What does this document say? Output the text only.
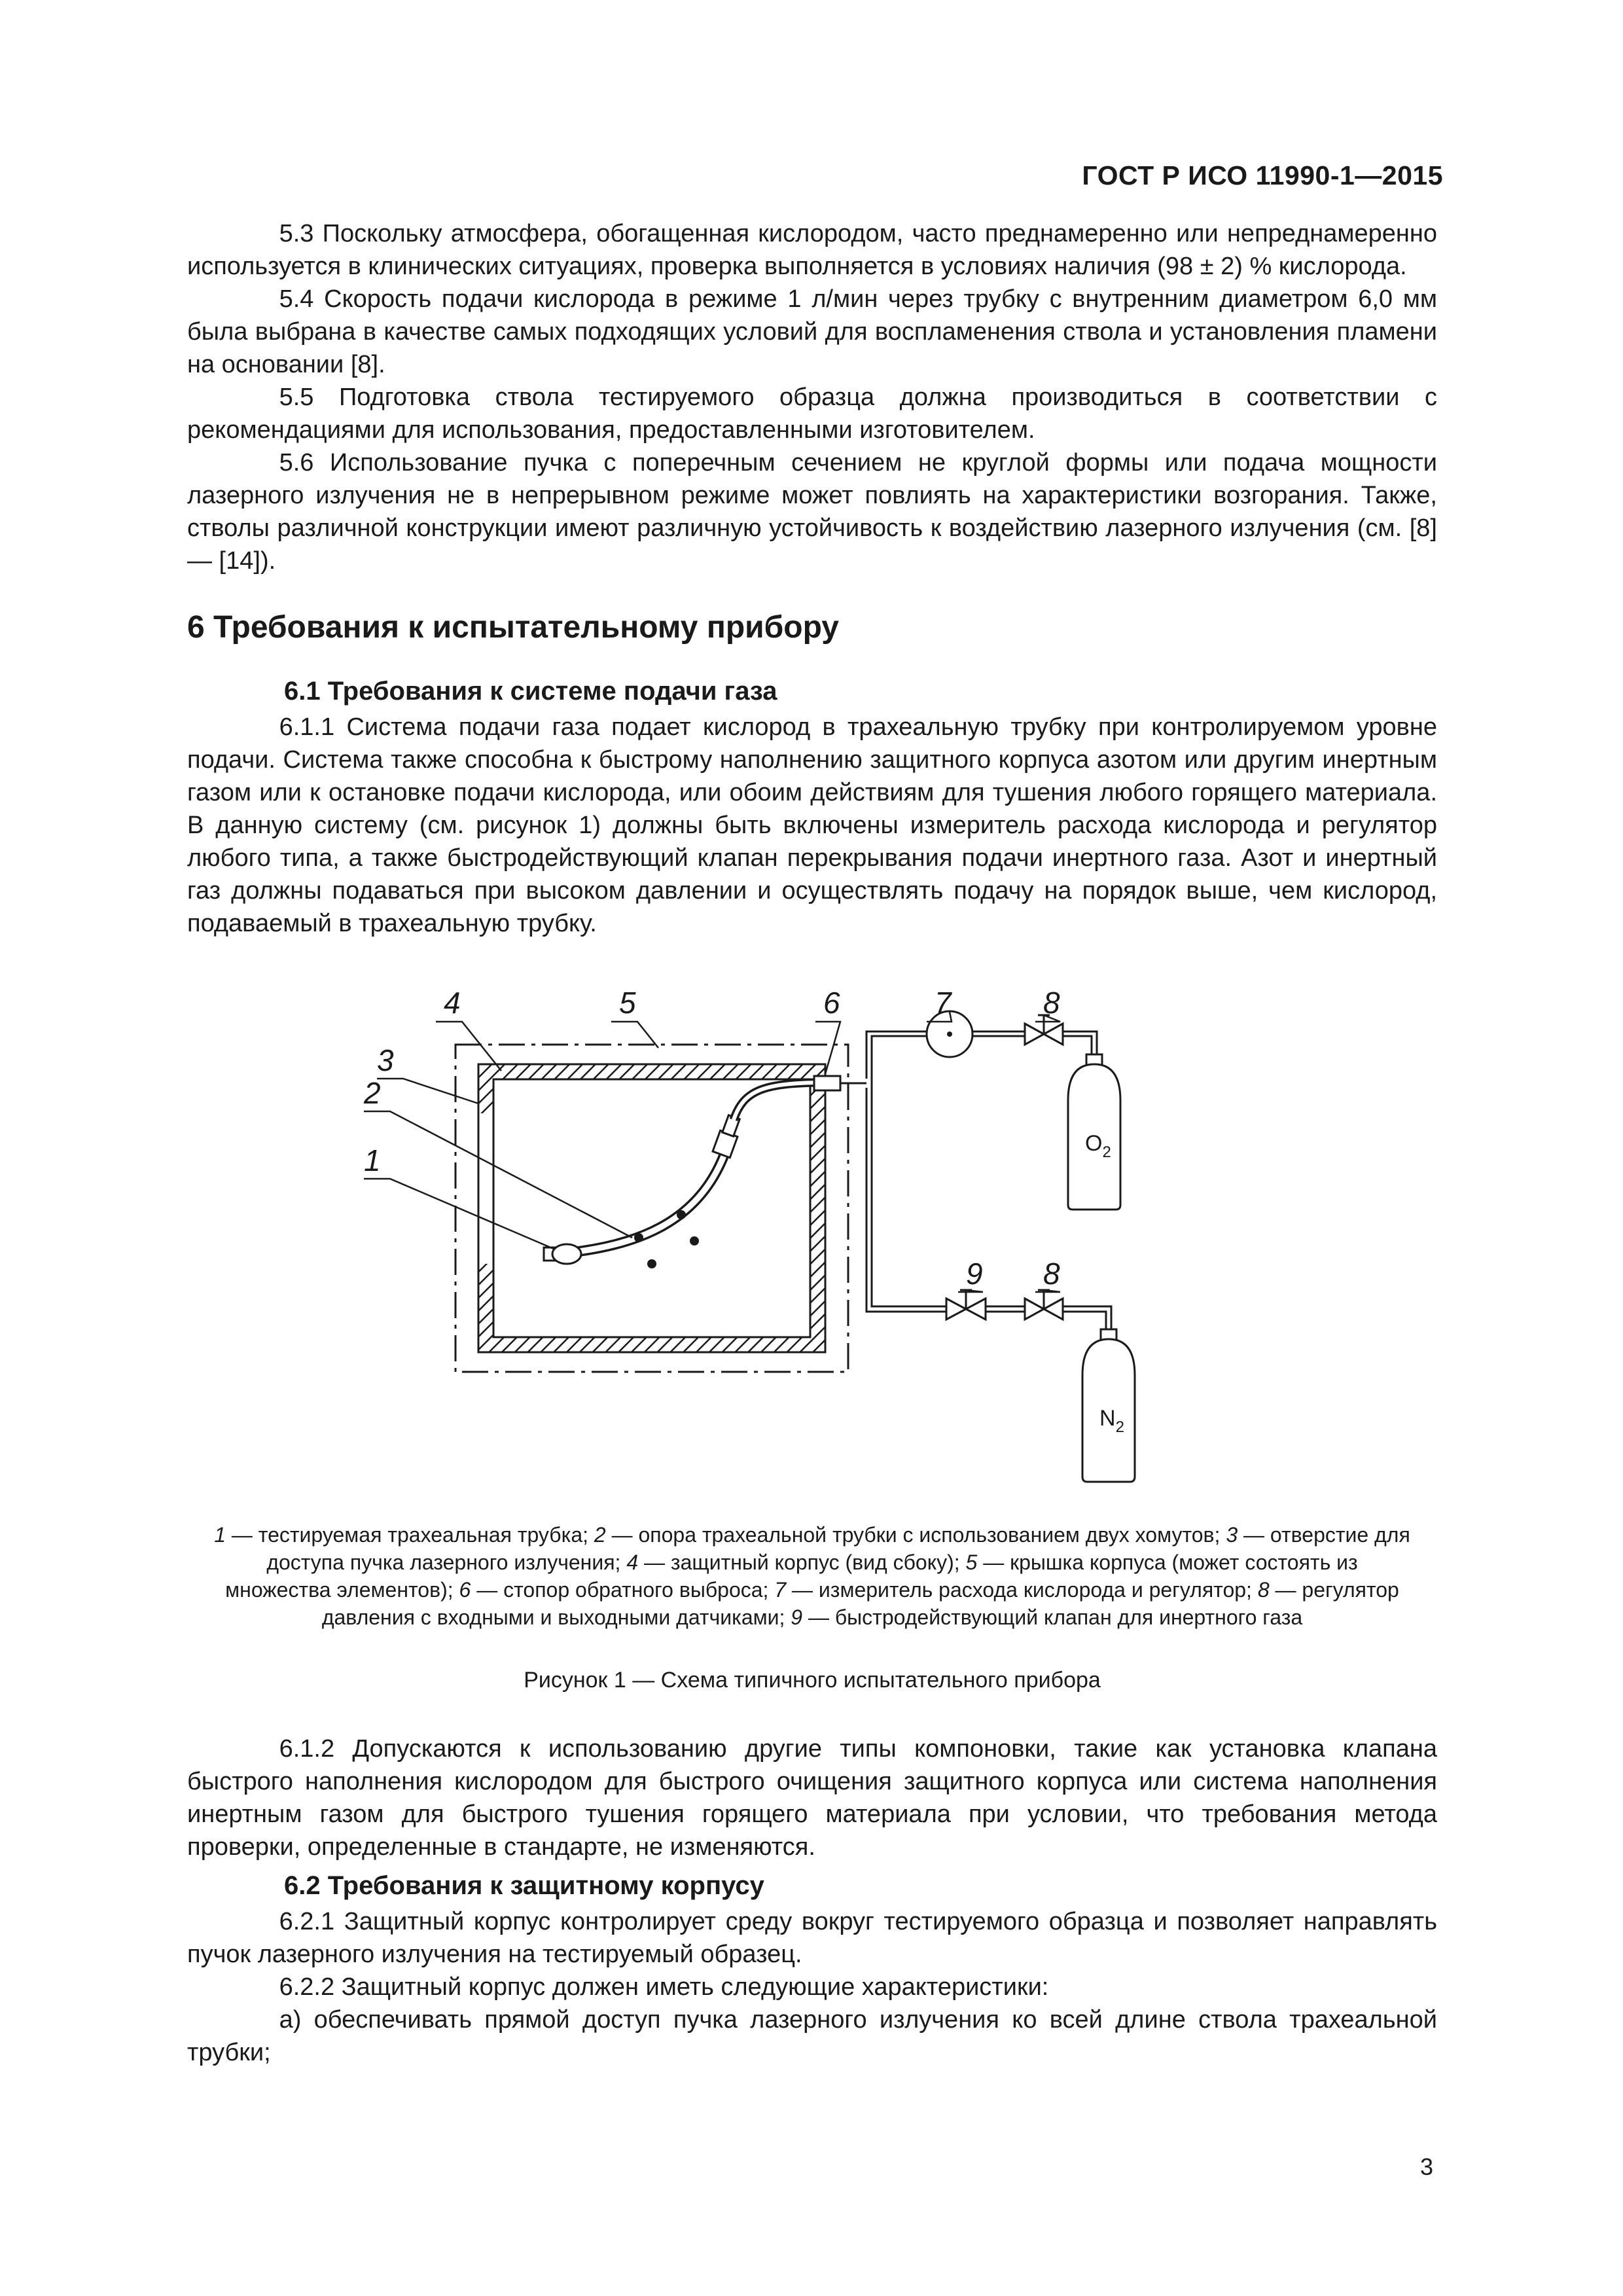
ГОСТ Р ИСО 11990-1—2015

5.3 Поскольку атмосфера, обогащенная кислородом, часто преднамеренно или непреднамеренно используется в клинических ситуациях, проверка выполняется в условиях наличия (98 ± 2) % кислорода.

5.4 Скорость подачи кислорода в режиме 1 л/мин через трубку с внутренним диаметром 6,0 мм была выбрана в качестве самых подходящих условий для воспламенения ствола и установления пламени на основании [8].

5.5 Подготовка ствола тестируемого образца должна производиться в соответствии с рекомендациями для использования, предоставленными изготовителем.

5.6 Использование пучка с поперечным сечением не круглой формы или подача мощности лазерного излучения не в непрерывном режиме может повлиять на характеристики возгорания. Также, стволы различной конструкции имеют различную устойчивость к воздействию лазерного излучения (см. [8] — [14]).

6 Требования к испытательному прибору
6.1 Требования к системе подачи газа

6.1.1 Система подачи газа подает кислород в трахеальную трубку при контролируемом уровне подачи. Система также способна к быстрому наполнению защитного корпуса азотом или другим инертным газом или к остановке подачи кислорода, или обоим действиям для тушения любого горящего материала. В данную систему (см. рисунок 1) должны быть включены измеритель расхода кислорода и регулятор любого типа, а также быстродействующий клапан перекрывания подачи инертного газа. Азот и инертный газ должны подаваться при высоком давлении и осуществлять подачу на порядок выше, чем кислород, подаваемый в трахеальную трубку.

$O_2$
$N_2$
4	5	6	7	8
3
2
1
9 8

1 — тестируемая трахеальная трубка; 2 — опора трахеальной трубки с использованием двух хомутов; 3 — отверстие для доступа пучка лазерного излучения; 4 — защитный корпус (вид сбоку); 5 — крышка корпуса (может состоять из множества элементов); 6 — стопор обратного выброса; 7 — измеритель расхода кислорода и регулятор; 8 — регулятор давления с входными и выходными датчиками; 9 — быстродействующий клапан для инертного газа

Рисунок 1 — Схема типичного испытательного прибора

6.1.2 Допускаются к использованию другие типы компоновки, такие как установка клапана быстрого наполнения кислородом для быстрого очищения защитного корпуса или система наполнения инертным газом для быстрого тушения горящего материала при условии, что требования метода проверки, определенные в стандарте, не изменяются.

6.2 Требования к защитному корпусу

6.2.1 Защитный корпус контролирует среду вокруг тестируемого образца и позволяет направлять пучок лазерного излучения на тестируемый образец.

6.2.2 Защитный корпус должен иметь следующие характеристики:

а) обеспечивать прямой доступ пучка лазерного излучения ко всей длине ствола трахеальной трубки;

3
